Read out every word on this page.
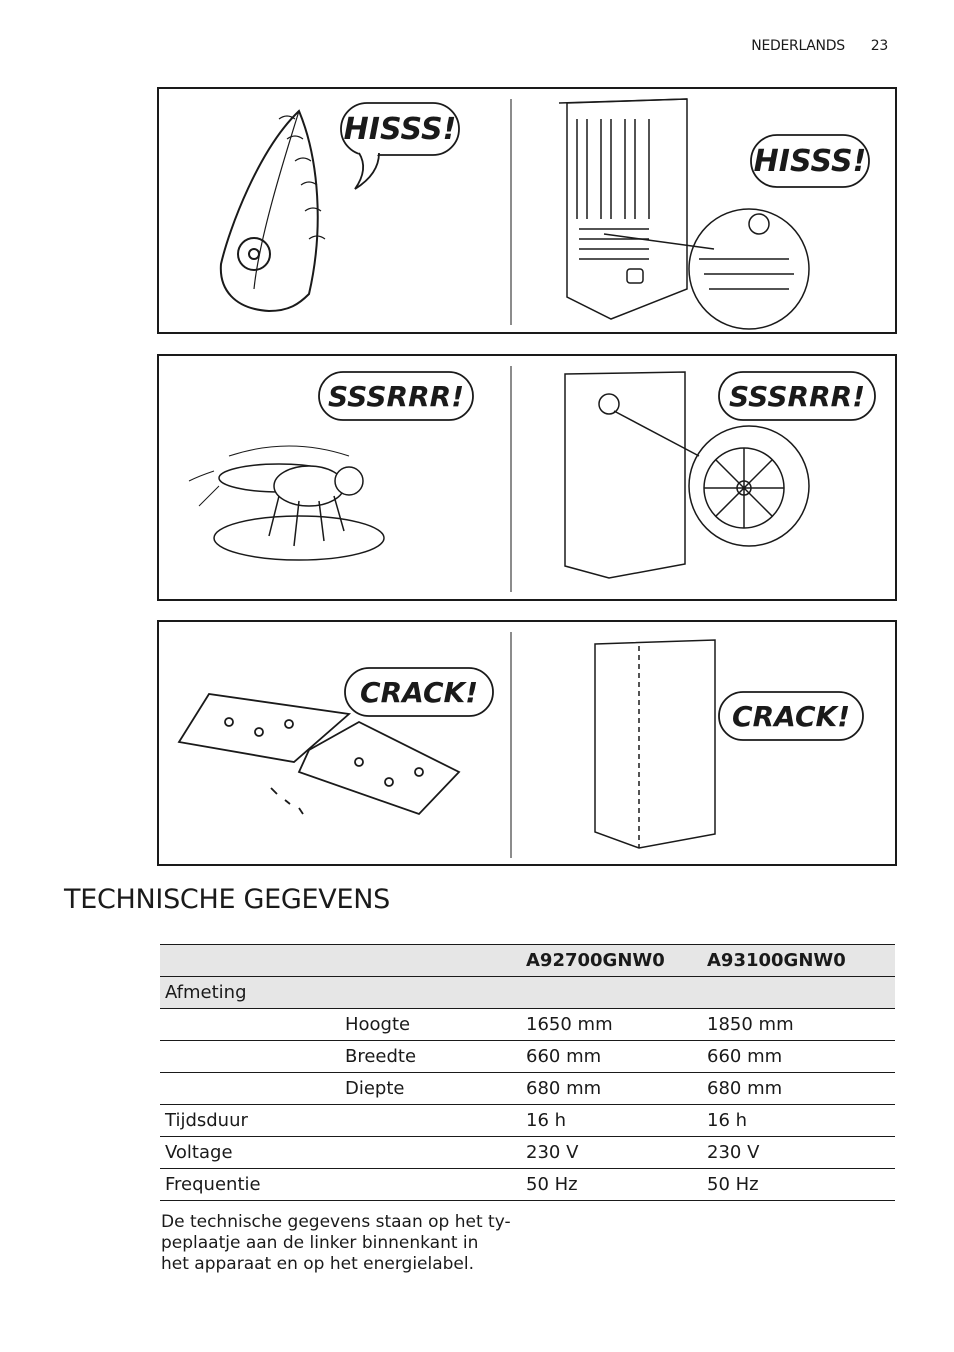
NEDERLANDS 23
HISSS!
HISSS!
SSSRRR!	SSSRRR!
CRACK!
CRACK!
TECHNISCHE GEGEVENS
		A92700GNW0	A93100GNW0
Afmeting			
	Hoogte	1650 mm	1850 mm
	Breedte	660 mm	660 mm
	Diepte	680 mm	680 mm
Tijdsduur		16 h	16 h
Voltage		230 V	230 V
Frequentie		50 Hz	50 Hz

De technische gegevens staan op het ty- peplaatje aan de linker binnenkant in het apparaat en op het energielabel.
